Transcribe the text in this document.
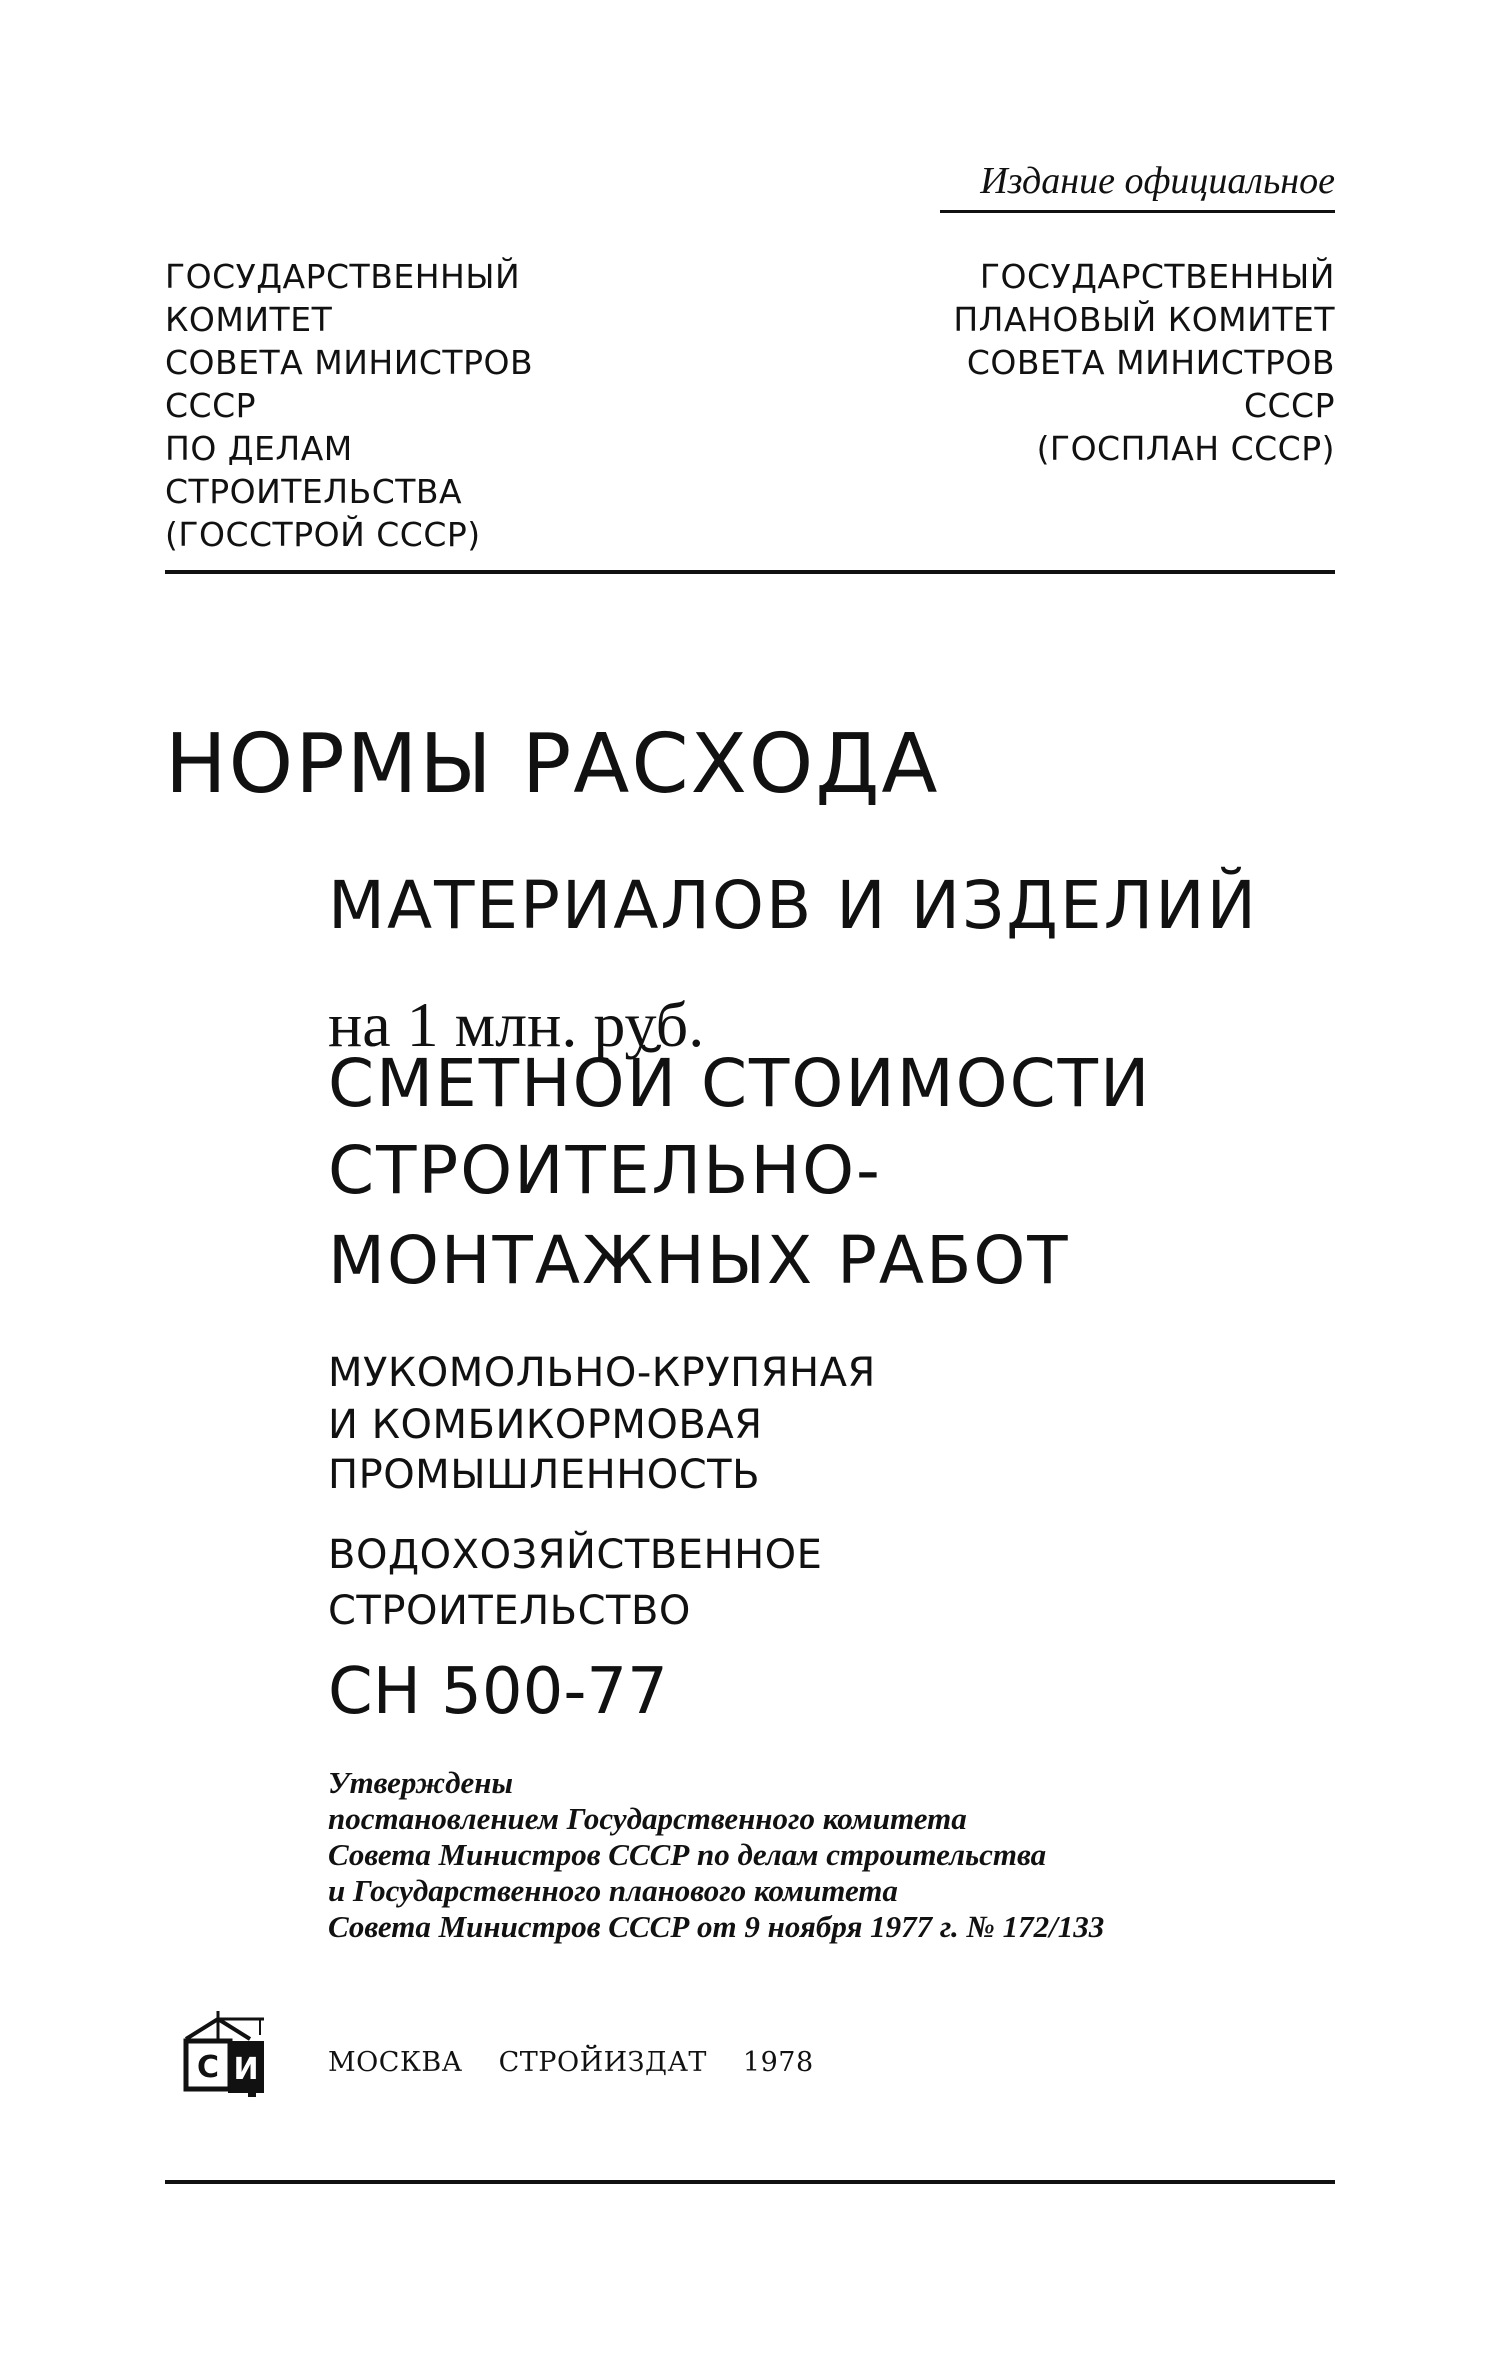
Издание официальное
ГОСУДАРСТВЕННЫЙ
КОМИТЕТ
СОВЕТА МИНИСТРОВ
СССР
ПО ДЕЛАМ
СТРОИТЕЛЬСТВА
(ГОССТРОЙ СССР)
ГОСУДАРСТВЕННЫЙ
ПЛАНОВЫЙ КОМИТЕТ
СОВЕТА МИНИСТРОВ
СССР
(ГОСПЛАН СССР)
НОРМЫ РАСХОДА
МАТЕРИАЛОВ И ИЗДЕЛИЙ
на 1 млн. руб.
СМЕТНОЙ СТОИМОСТИ
СТРОИТЕЛЬНО-
МОНТАЖНЫХ РАБОТ
МУКОМОЛЬНО-КРУПЯНАЯ
И КОМБИКОРМОВАЯ
ПРОМЫШЛЕННОСТЬ
ВОДОХОЗЯЙСТВЕННОЕ
СТРОИТЕЛЬСТВО
СН 500-77
Утверждены
постановлением Государственного комитета
Совета Министров СССР по делам строительства
и Государственного планового комитета
Совета Министров СССР от 9 ноября 1977 г. № 172/133
С И	МОСКВА СТРОЙИЗДАТ 1978
